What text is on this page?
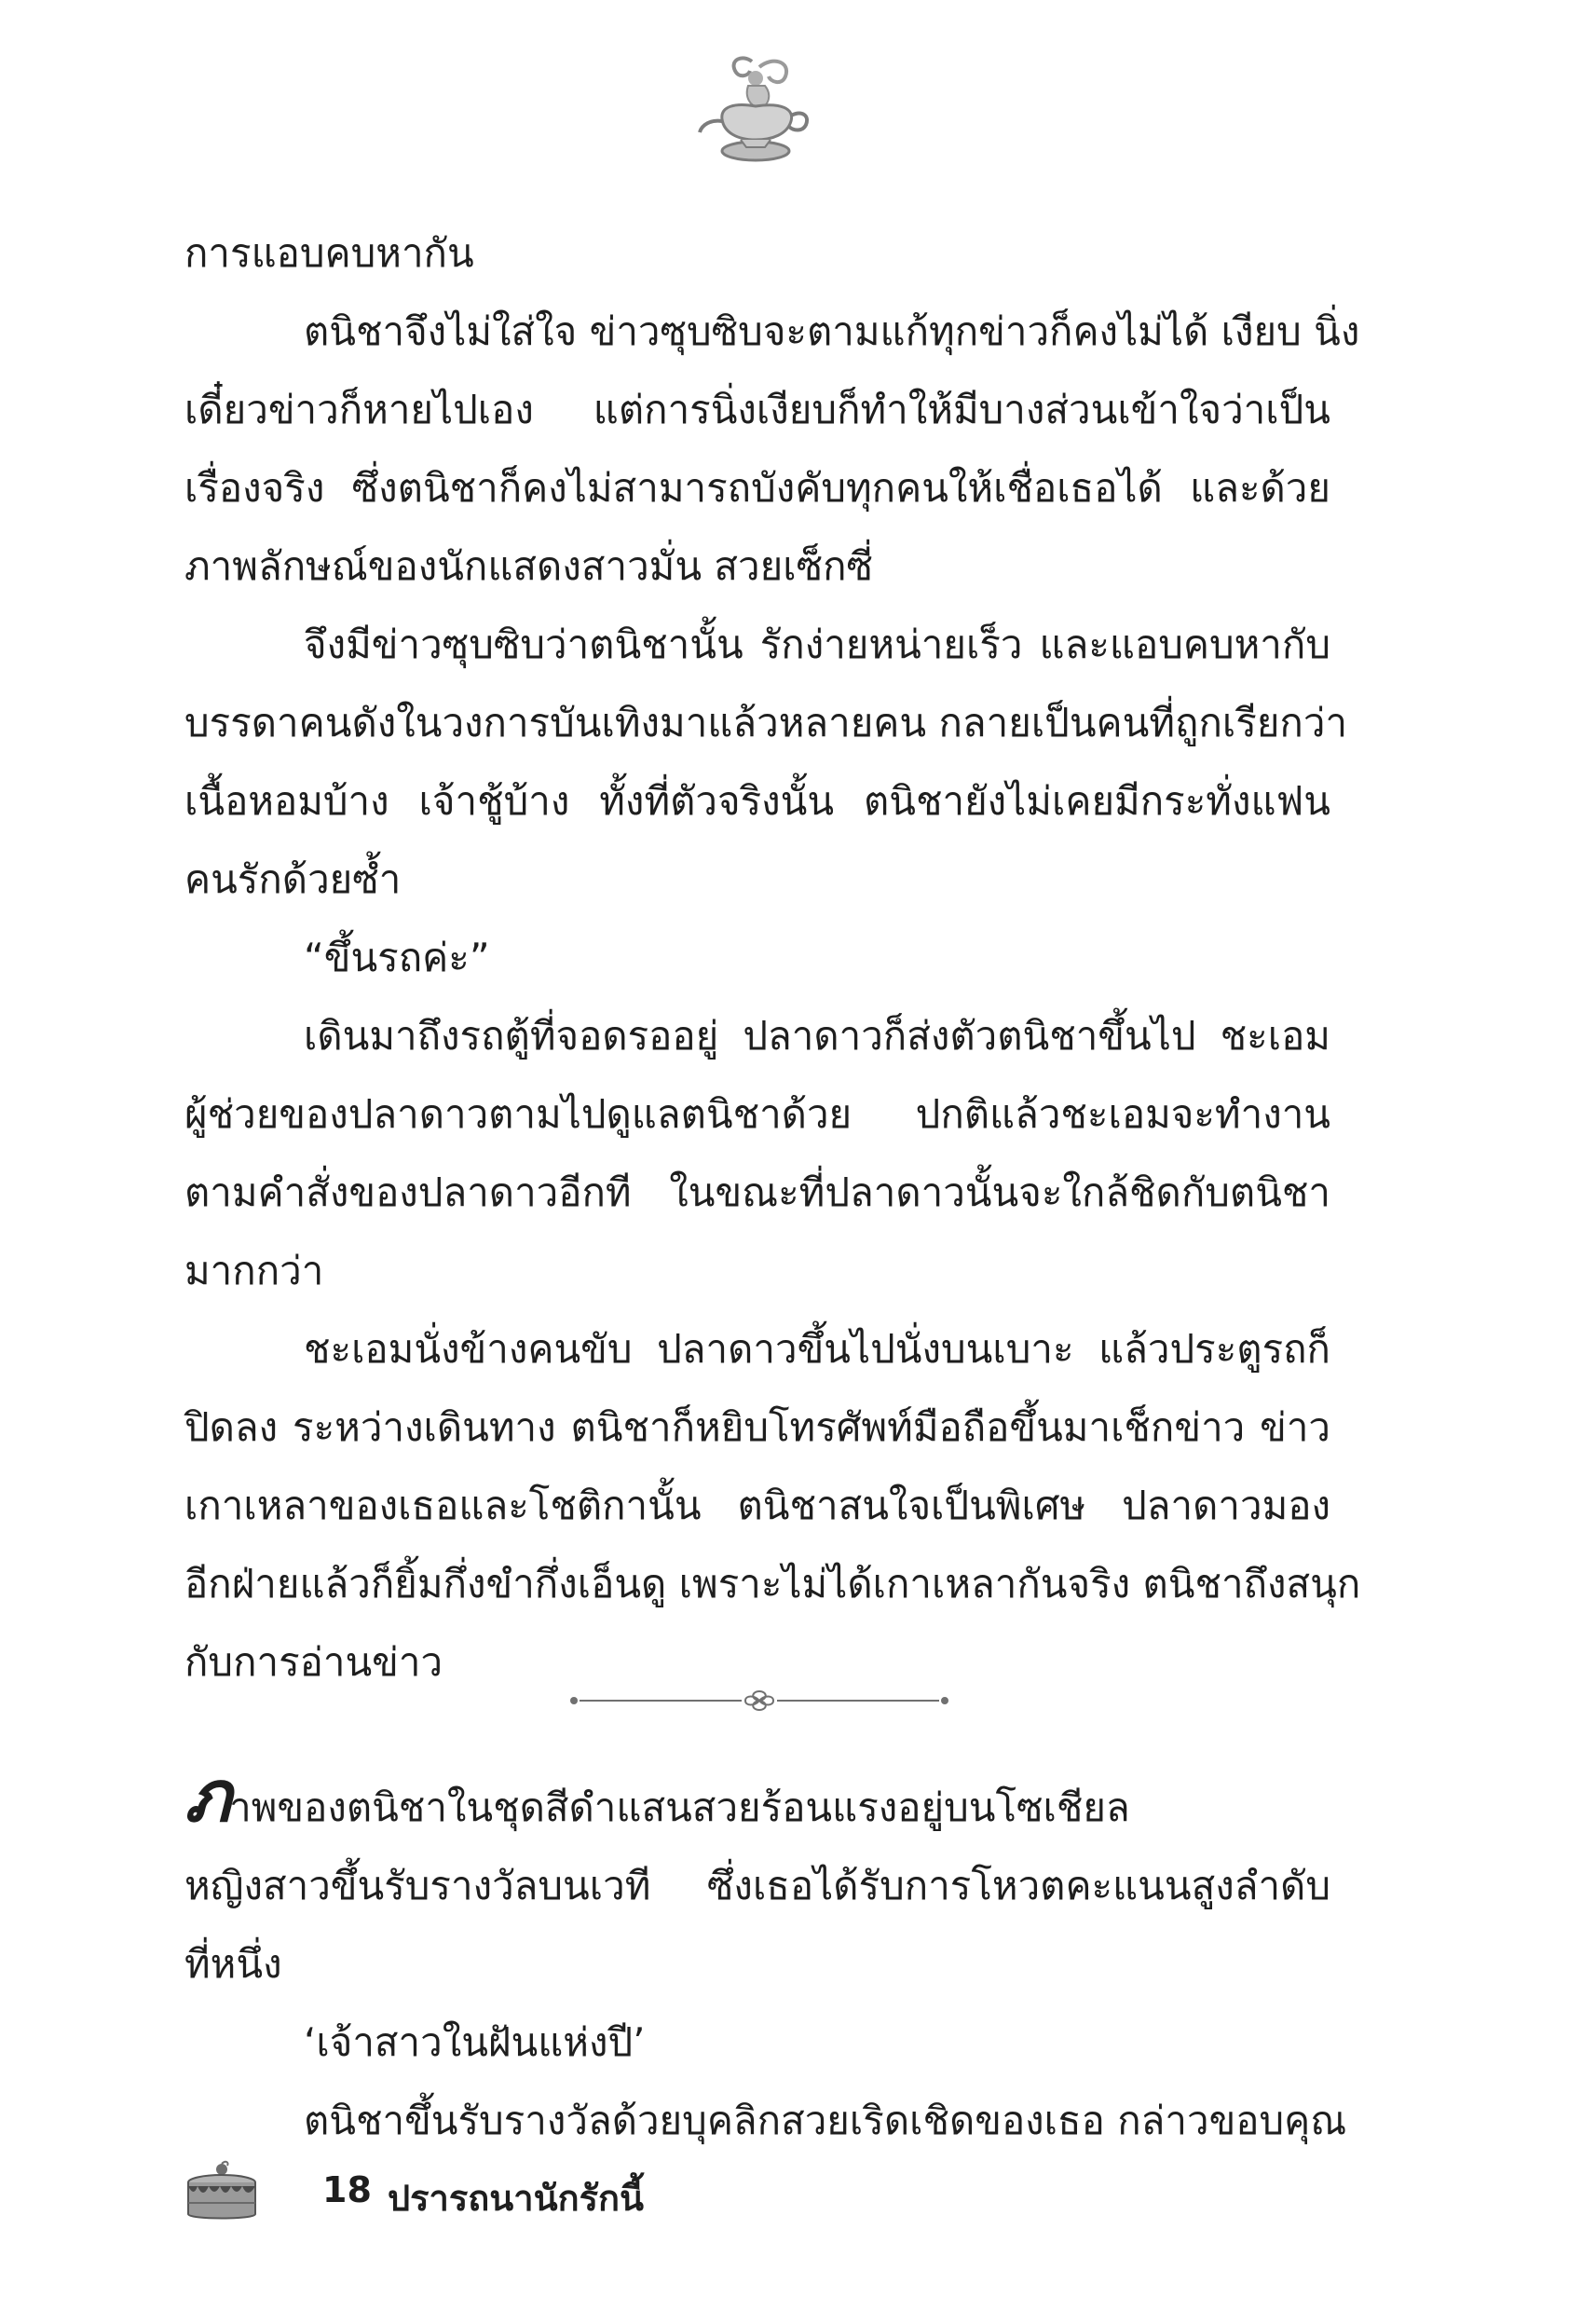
การแอบคบหากัน
ตนิชาจึงไม่ใส่ใจ ข่าวซุบซิบจะตามแก้ทุกข่าวก็คงไม่ได้ เงียบ นิ่ง
เดี๋ยวข่าวก็หายไปเอง แต่การนิ่งเงียบก็ทำให้มีบางส่วนเข้าใจว่าเป็น
เรื่องจริง ซึ่งตนิชาก็คงไม่สามารถบังคับทุกคนให้เชื่อเธอได้ และด้วย
ภาพลักษณ์ของนักแสดงสาวมั่น สวยเซ็กซี่
จึงมีข่าวซุบซิบว่าตนิชานั้น รักง่ายหน่ายเร็ว และแอบคบหากับ
บรรดาคนดังในวงการบันเทิงมาแล้วหลายคน กลายเป็นคนที่ถูกเรียกว่า
เนื้อหอมบ้าง เจ้าชู้บ้าง ทั้งที่ตัวจริงนั้น ตนิชายังไม่เคยมีกระทั่งแฟน
คนรักด้วยซ้ำ
“ขึ้นรถค่ะ”
เดินมาถึงรถตู้ที่จอดรออยู่ ปลาดาวก็ส่งตัวตนิชาขึ้นไป ชะเอม
ผู้ช่วยของปลาดาวตามไปดูแลตนิชาด้วย ปกติแล้วชะเอมจะทำงาน
ตามคำสั่งของปลาดาวอีกที ในขณะที่ปลาดาวนั้นจะใกล้ชิดกับตนิชา
มากกว่า
ชะเอมนั่งข้างคนขับ ปลาดาวขึ้นไปนั่งบนเบาะ แล้วประตูรถก็
ปิดลง ระหว่างเดินทาง ตนิชาก็หยิบโทรศัพท์มือถือขึ้นมาเช็กข่าว ข่าว
เกาเหลาของเธอและโชติกานั้น ตนิชาสนใจเป็นพิเศษ ปลาดาวมอง
อีกฝ่ายแล้วก็ยิ้มกึ่งขำกึ่งเอ็นดู เพราะไม่ได้เกาเหลากันจริง ตนิชาถึงสนุก
กับการอ่านข่าว
ภาพของตนิชาในชุดสีดำแสนสวยร้อนแรงอยู่บนโซเชียล
หญิงสาวขึ้นรับรางวัลบนเวที ซึ่งเธอได้รับการโหวตคะแนนสูงลำดับ
ที่หนึ่ง
‘เจ้าสาวในฝันแห่งปี’
ตนิชาขึ้นรับรางวัลด้วยบุคลิกสวยเริดเชิดของเธอ กล่าวขอบคุณ
18 ปรารถนานักรักนี้
